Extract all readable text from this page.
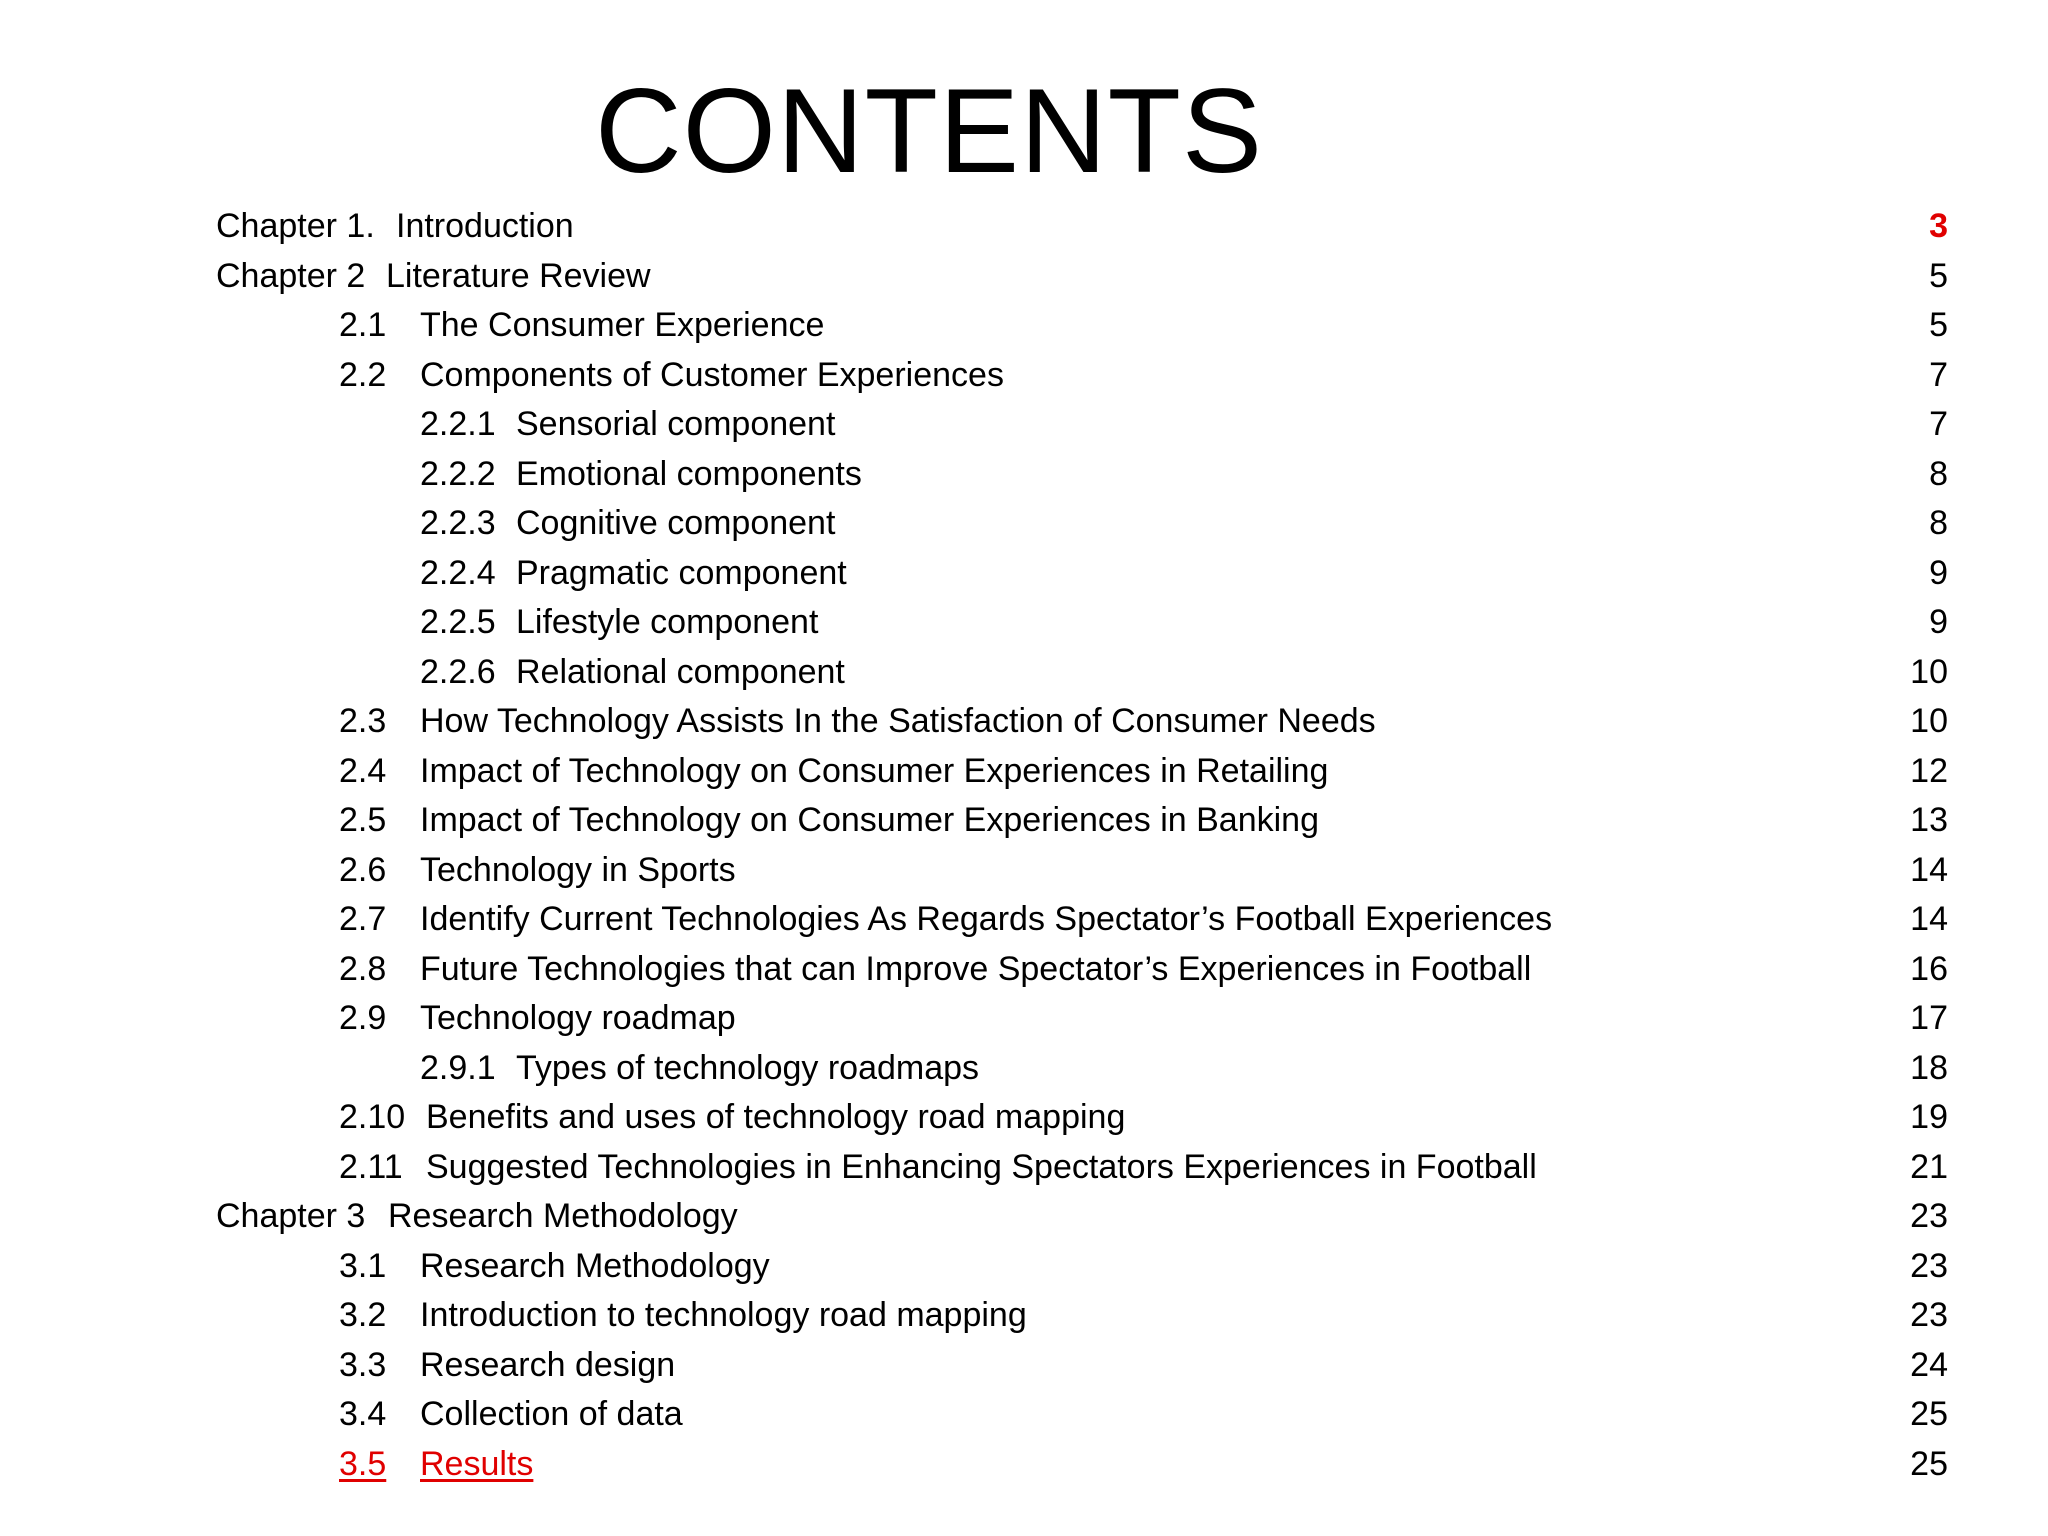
CONTENTS
Chapter 1. Introduction	3
Chapter 2 Literature Review	5
2.1 The Consumer Experience	5
2.2 Components of Customer Experiences	7
2.2.1 Sensorial component	7
2.2.2 Emotional components	8
2.2.3 Cognitive component	8
2.2.4 Pragmatic component	9
2.2.5 Lifestyle component	9
2.2.6 Relational component	10
2.3 How Technology Assists In the Satisfaction of Consumer Needs	10
2.4 Impact of Technology on Consumer Experiences in Retailing	12
2.5 Impact of Technology on Consumer Experiences in Banking	13
2.6 Technology in Sports	14
2.7 Identify Current Technologies As Regards Spectator’s Football Experiences	14
2.8 Future Technologies that can Improve Spectator’s Experiences in Football	16
2.9 Technology roadmap	17
2.9.1 Types of technology roadmaps	18
2.10 Benefits and uses of technology road mapping	19
2.11 Suggested Technologies in Enhancing Spectators Experiences in Football	21
Chapter 3 Research Methodology	23
3.1 Research Methodology	23
3.2 Introduction to technology road mapping	23
3.3 Research design	24
3.4 Collection of data	25
3.5 Results	25
